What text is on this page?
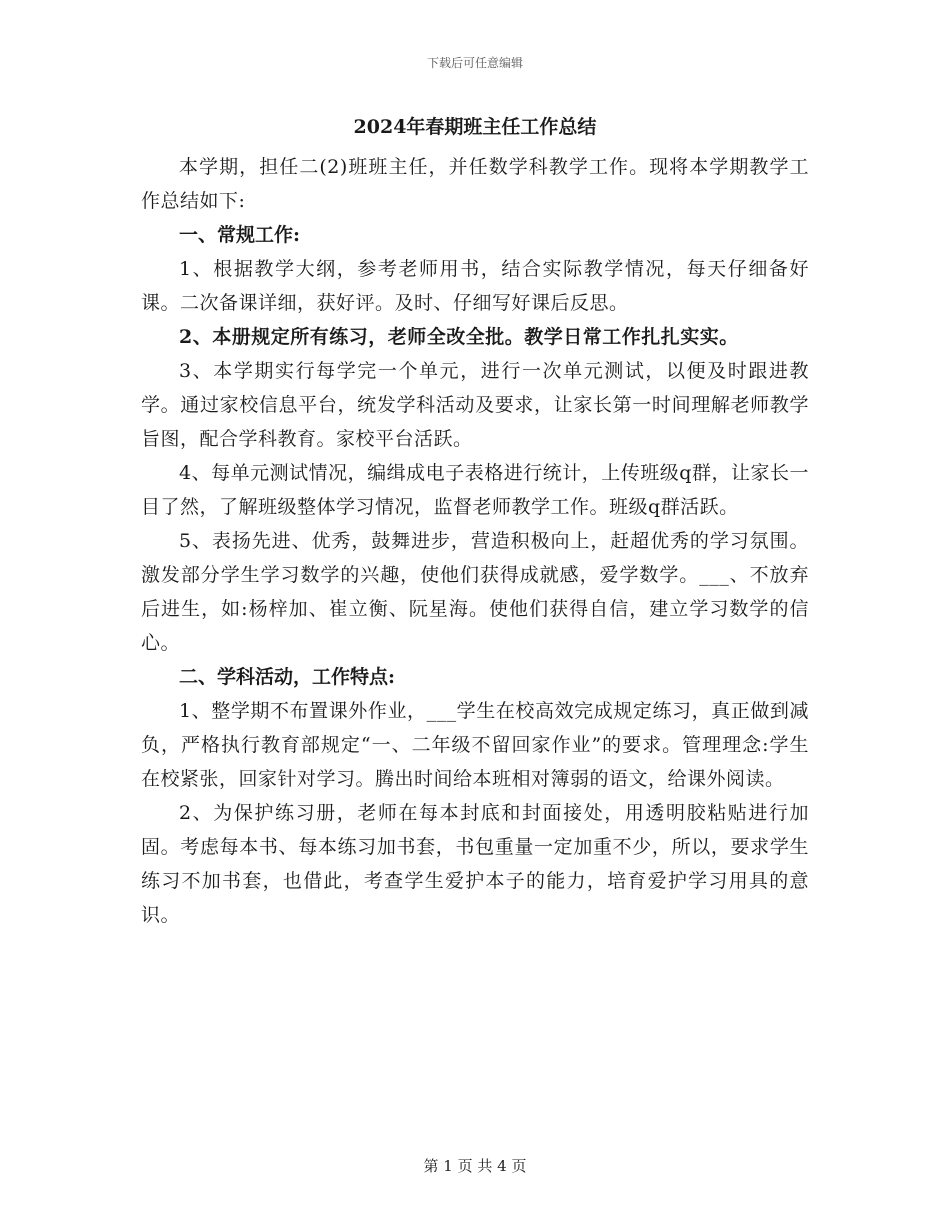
下载后可任意编辑
2024年春期班主任工作总结

本学期，担任二(2)班班主任，并任数学科教学工作。现将本学期教学工作总结如下:

一、常规工作:

1、根据教学大纲，参考老师用书，结合实际教学情况，每天仔细备好课。二次备课详细，获好评。及时、仔细写好课后反思。

2、本册规定所有练习，老师全改全批。教学日常工作扎扎实实。

3、本学期实行每学完一个单元，进行一次单元测试，以便及时跟进教学。通过家校信息平台，统发学科活动及要求，让家长第一时间理解老师教学旨图，配合学科教育。家校平台活跃。

4、每单元测试情况，编缉成电子表格进行统计，上传班级q群，让家长一目了然，了解班级整体学习情况，监督老师教学工作。班级q群活跃。

5、表扬先进、优秀，鼓舞进步，营造积极向上，赶超优秀的学习氛围。激发部分学生学习数学的兴趣，使他们获得成就感，爱学数学。___、不放弃后进生，如:杨梓加、崔立衡、阮星海。使他们获得自信，建立学习数学的信心。

二、学科活动，工作特点:

1、整学期不布置课外作业，___学生在校高效完成规定练习，真正做到减负，严格执行教育部规定“一、二年级不留回家作业”的要求。管理理念:学生在校紧张，回家针对学习。腾出时间给本班相对簿弱的语文，给课外阅读。

2、为保护练习册，老师在每本封底和封面接处，用透明胶粘贴进行加固。考虑每本书、每本练习加书套，书包重量一定加重不少，所以，要求学生练习不加书套，也借此，考查学生爱护本子的能力，培育爱护学习用具的意识。

第 1 页 共 4 页
